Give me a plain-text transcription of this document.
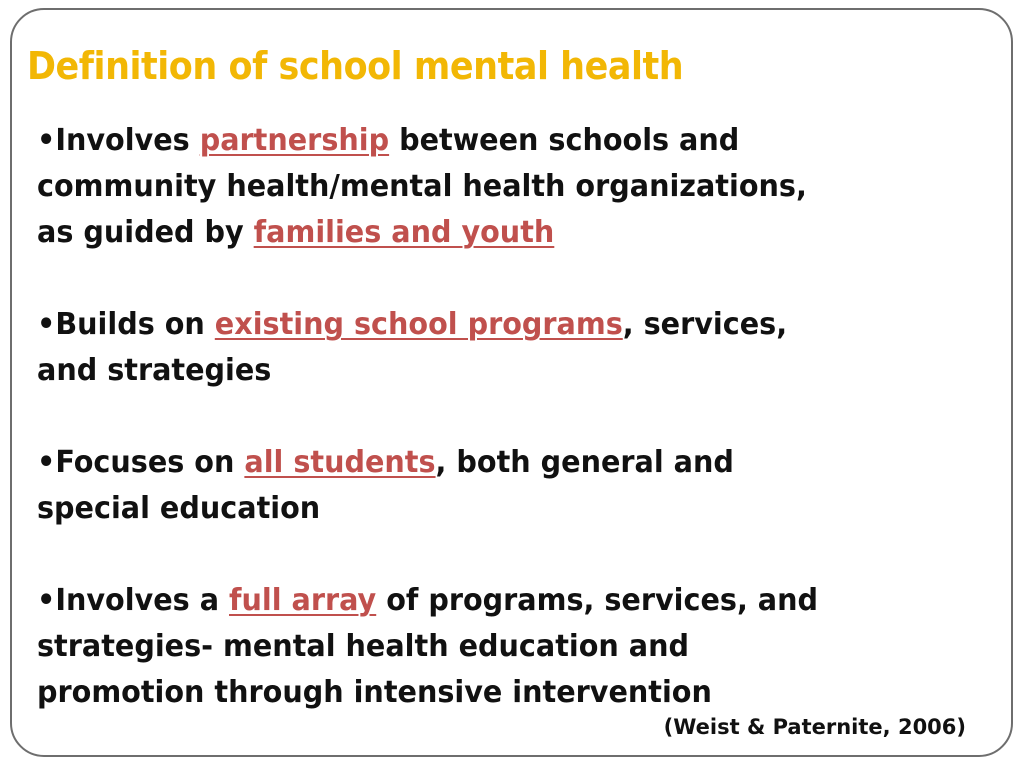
Definition of school mental health

•Involves partnership between schools and
community health/mental health organizations,
as guided by families and youth

•Builds on existing school programs, services,
and strategies

•Focuses on all students, both general and
special education

•Involves a full array of programs, services, and
strategies- mental health education and
promotion through intensive intervention

(Weist & Paternite, 2006)
